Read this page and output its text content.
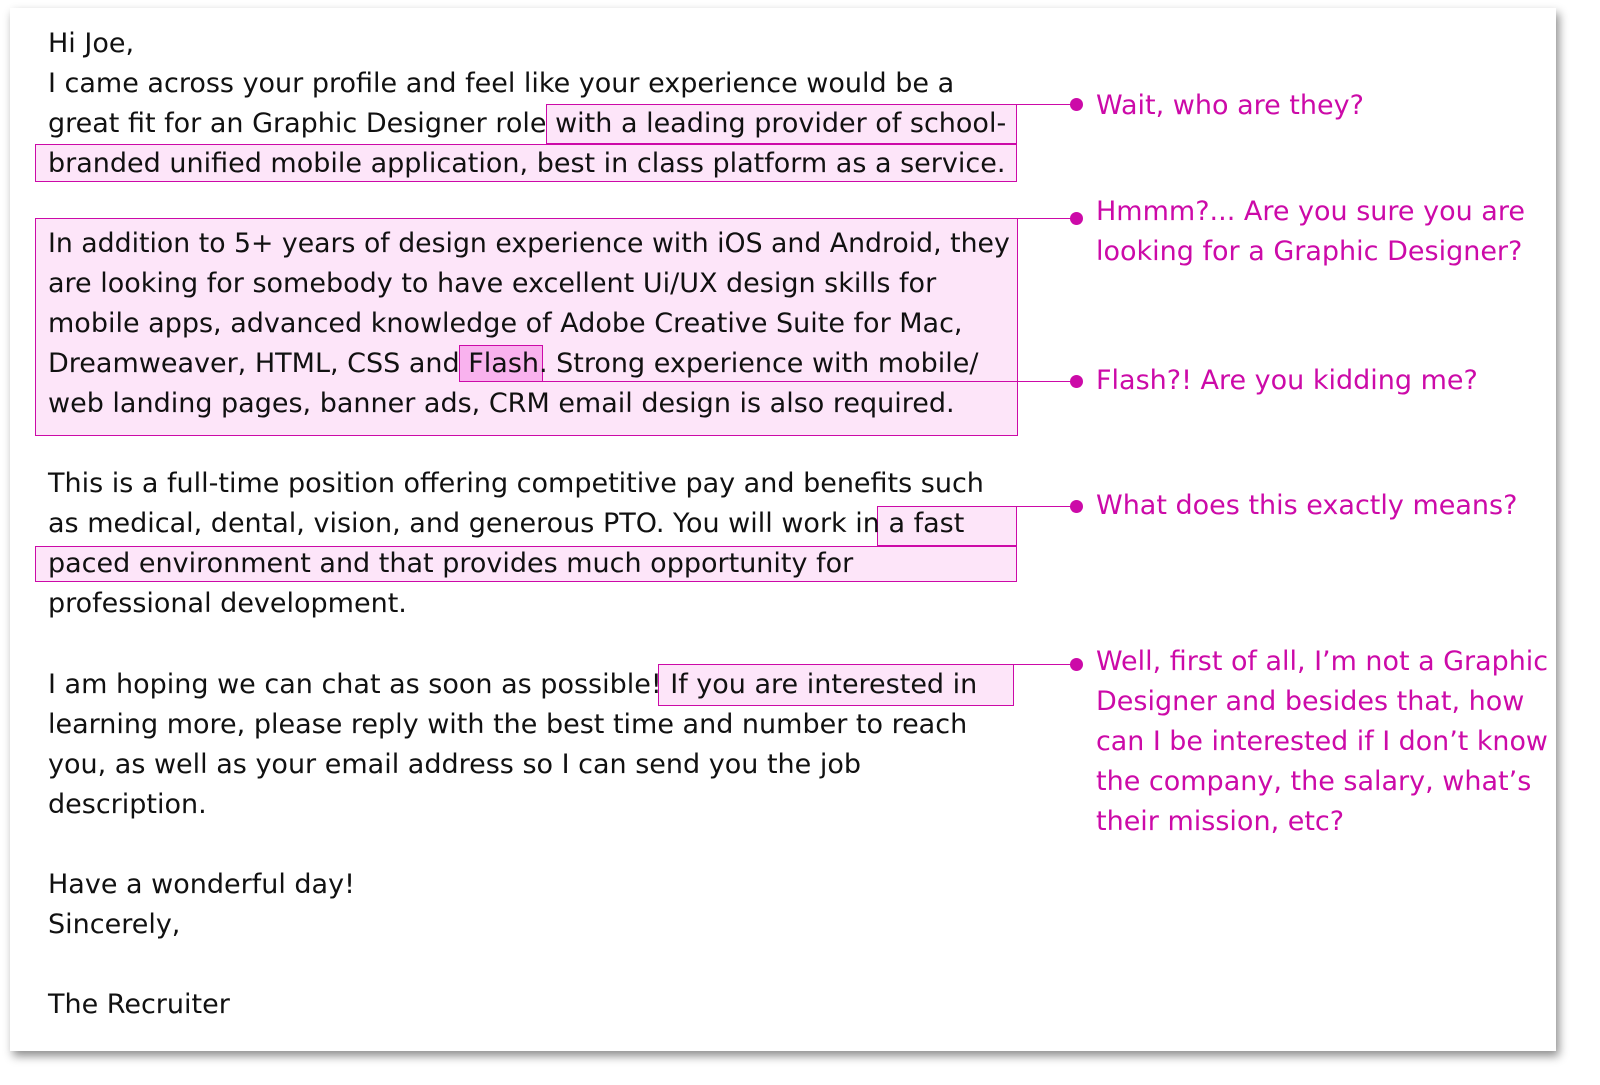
Hi Joe,

I came across your profile and feel like your experience would be a

great fit for an Graphic Designer role with a leading provider of school-

branded unified mobile application, best in class platform as a service.

In addition to 5+ years of design experience with iOS and Android, they

are looking for somebody to have excellent Ui/UX design skills for

mobile apps, advanced knowledge of Adobe Creative Suite for Mac,

Dreamweaver, HTML, CSS and Flash. Strong experience with mobile/

web landing pages, banner ads, CRM email design is also required.

This is a full-time position offering competitive pay and benefits such

as medical, dental, vision, and generous PTO. You will work in a fast

paced environment and that provides much opportunity for

professional development.

I am hoping we can chat as soon as possible! If you are interested in

learning more, please reply with the best time and number to reach

you, as well as your email address so I can send you the job

description.

Have a wonderful day!

Sincerely,

The Recruiter

Wait, who are they?

Hmmm?... Are you sure you are

looking for a Graphic Designer?

Flash?! Are you kidding me?

What does this exactly means?

Well, first of all, I’m not a Graphic

Designer and besides that, how

can I be interested if I don’t know

the company, the salary, what’s

their mission, etc?
